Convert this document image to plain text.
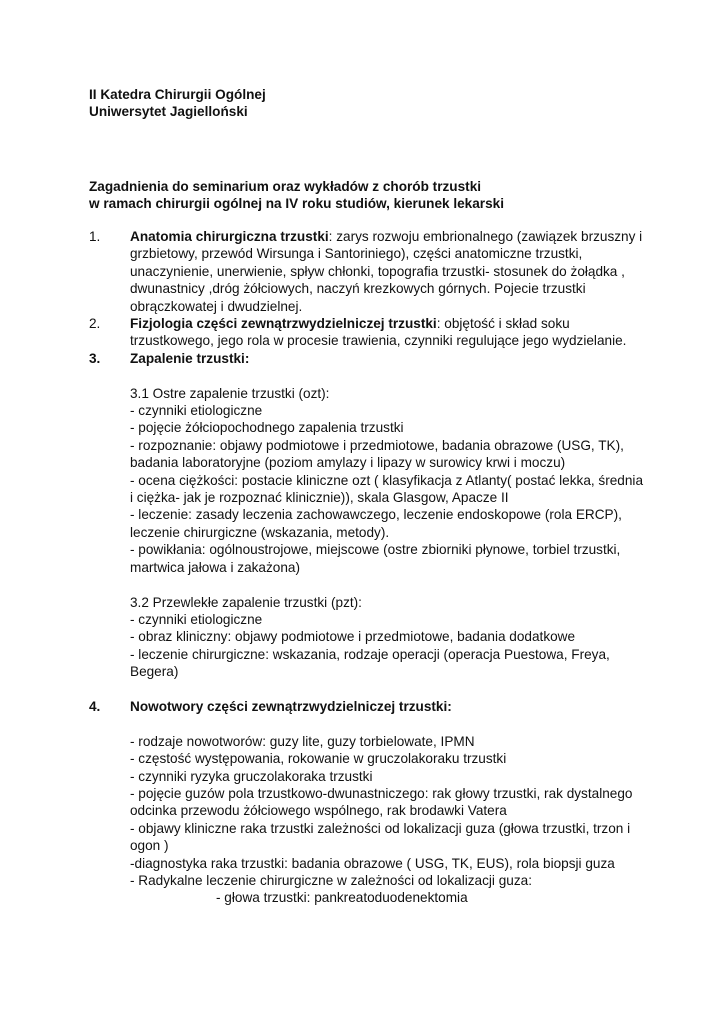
II Katedra Chirurgii Ogólnej
Uniwersytet Jagielloński
Zagadnienia do seminarium oraz wykładów z chorób trzustki
w ramach chirurgii ogólnej na IV roku studiów, kierunek lekarski
1.	Anatomia chirurgiczna trzustki: zarys rozwoju embrionalnego (zawiązek brzuszny i grzbietowy, przewód Wirsunga i Santoriniego), części anatomiczne trzustki, unaczynienie, unerwienie, spływ chłonki, topografia trzustki- stosunek do żołądka , dwunastnicy ,dróg żółciowych, naczyń krezkowych górnych. Pojecie trzustki obrączkowatej i dwudzielnej.
2.	Fizjologia części zewnątrzwydzielniczej trzustki: objętość i skład soku trzustkowego, jego rola w procesie trawienia, czynniki regulujące jego wydzielanie.
3.	Zapalenie trzustki:
3.1 Ostre zapalenie trzustki (ozt):
- czynniki etiologiczne
- pojęcie żółciopochodnego zapalenia trzustki
- rozpoznanie: objawy podmiotowe i przedmiotowe, badania obrazowe (USG, TK), badania laboratoryjne (poziom amylazy i lipazy w surowicy krwi i moczu)
- ocena ciężkości: postacie kliniczne ozt ( klasyfikacja z Atlanty( postać lekka, średnia i ciężka- jak je rozpoznać klinicznie)), skala Glasgow, Apacze II
- leczenie: zasady leczenia zachowawczego, leczenie endoskopowe (rola ERCP), leczenie chirurgiczne (wskazania, metody).
- powikłania: ogólnoustrojowe, miejscowe (ostre zbiorniki płynowe, torbiel trzustki, martwica jałowa i zakażona)
3.2 Przewlekłe zapalenie trzustki (pzt):
- czynniki etiologiczne
- obraz kliniczny: objawy podmiotowe i przedmiotowe, badania dodatkowe
- leczenie chirurgiczne: wskazania, rodzaje operacji (operacja Puestowa, Freya, Begera)
4.	Nowotwory części zewnątrzwydzielniczej trzustki:
- rodzaje nowotworów: guzy lite, guzy torbielowate, IPMN
- częstość występowania, rokowanie w gruczolakoraku trzustki
- czynniki ryzyka gruczolakoraka trzustki
- pojęcie guzów pola trzustkowo-dwunastniczego: rak głowy trzustki, rak dystalnego odcinka przewodu żółciowego wspólnego, rak brodawki Vatera
- objawy kliniczne raka trzustki zależności od lokalizacji guza (głowa trzustki, trzon i ogon )
-diagnostyka raka trzustki: badania obrazowe ( USG, TK, EUS), rola biopsji guza
- Radykalne leczenie chirurgiczne w zależności od lokalizacji guza:
- głowa trzustki: pankreatoduodenektomia
